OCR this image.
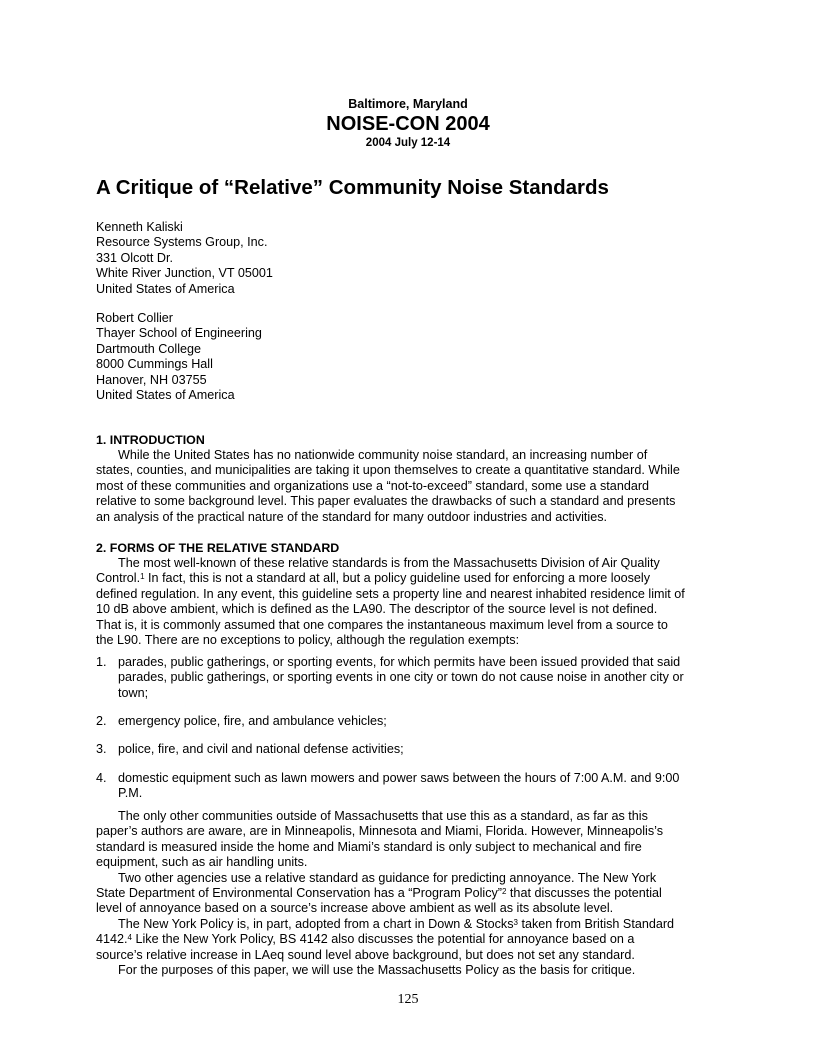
Baltimore, Maryland
NOISE-CON 2004
2004 July 12-14
A Critique of “Relative” Community Noise Standards
Kenneth Kaliski
Resource Systems Group, Inc.
331 Olcott Dr.
White River Junction, VT 05001
United States of America
Robert Collier
Thayer School of Engineering
Dartmouth College
8000 Cummings Hall
Hanover, NH 03755
United States of America
1. INTRODUCTION
While the United States has no nationwide community noise standard, an increasing number of
states, counties, and municipalities are taking it upon themselves to create a quantitative standard. While
most of these communities and organizations use a “not-to-exceed” standard, some use a standard
relative to some background level. This paper evaluates the drawbacks of such a standard and presents
an analysis of the practical nature of the standard for many outdoor industries and activities.
2. FORMS OF THE RELATIVE STANDARD
The most well-known of these relative standards is from the Massachusetts Division of Air Quality
Control.$^1$ In fact, this is not a standard at all, but a policy guideline used for enforcing a more loosely
defined regulation. In any event, this guideline sets a property line and nearest inhabited residence limit of
10 dB above ambient, which is defined as the LA90. The descriptor of the source level is not defined.
That is, it is commonly assumed that one compares the instantaneous maximum level from a source to
the L90. There are no exceptions to policy, although the regulation exempts:
1. parades, public gatherings, or sporting events, for which permits have been issued provided that said
parades, public gatherings, or sporting events in one city or town do not cause noise in another city or
town;
2. emergency police, fire, and ambulance vehicles;
3. police, fire, and civil and national defense activities;
4. domestic equipment such as lawn mowers and power saws between the hours of 7:00 A.M. and 9:00
P.M.
The only other communities outside of Massachusetts that use this as a standard, as far as this
paper’s authors are aware, are in Minneapolis, Minnesota and Miami, Florida. However, Minneapolis’s
standard is measured inside the home and Miami’s standard is only subject to mechanical and fire
equipment, such as air handling units.
Two other agencies use a relative standard as guidance for predicting annoyance. The New York
State Department of Environmental Conservation has a “Program Policy”$^2$ that discusses the potential
level of annoyance based on a source’s increase above ambient as well as its absolute level.
The New York Policy is, in part, adopted from a chart in Down & Stocks$^3$ taken from British Standard
4142.$^4$ Like the New York Policy, BS 4142 also discusses the potential for annoyance based on a
source’s relative increase in LAeq sound level above background, but does not set any standard.
For the purposes of this paper, we will use the Massachusetts Policy as the basis for critique.
125
